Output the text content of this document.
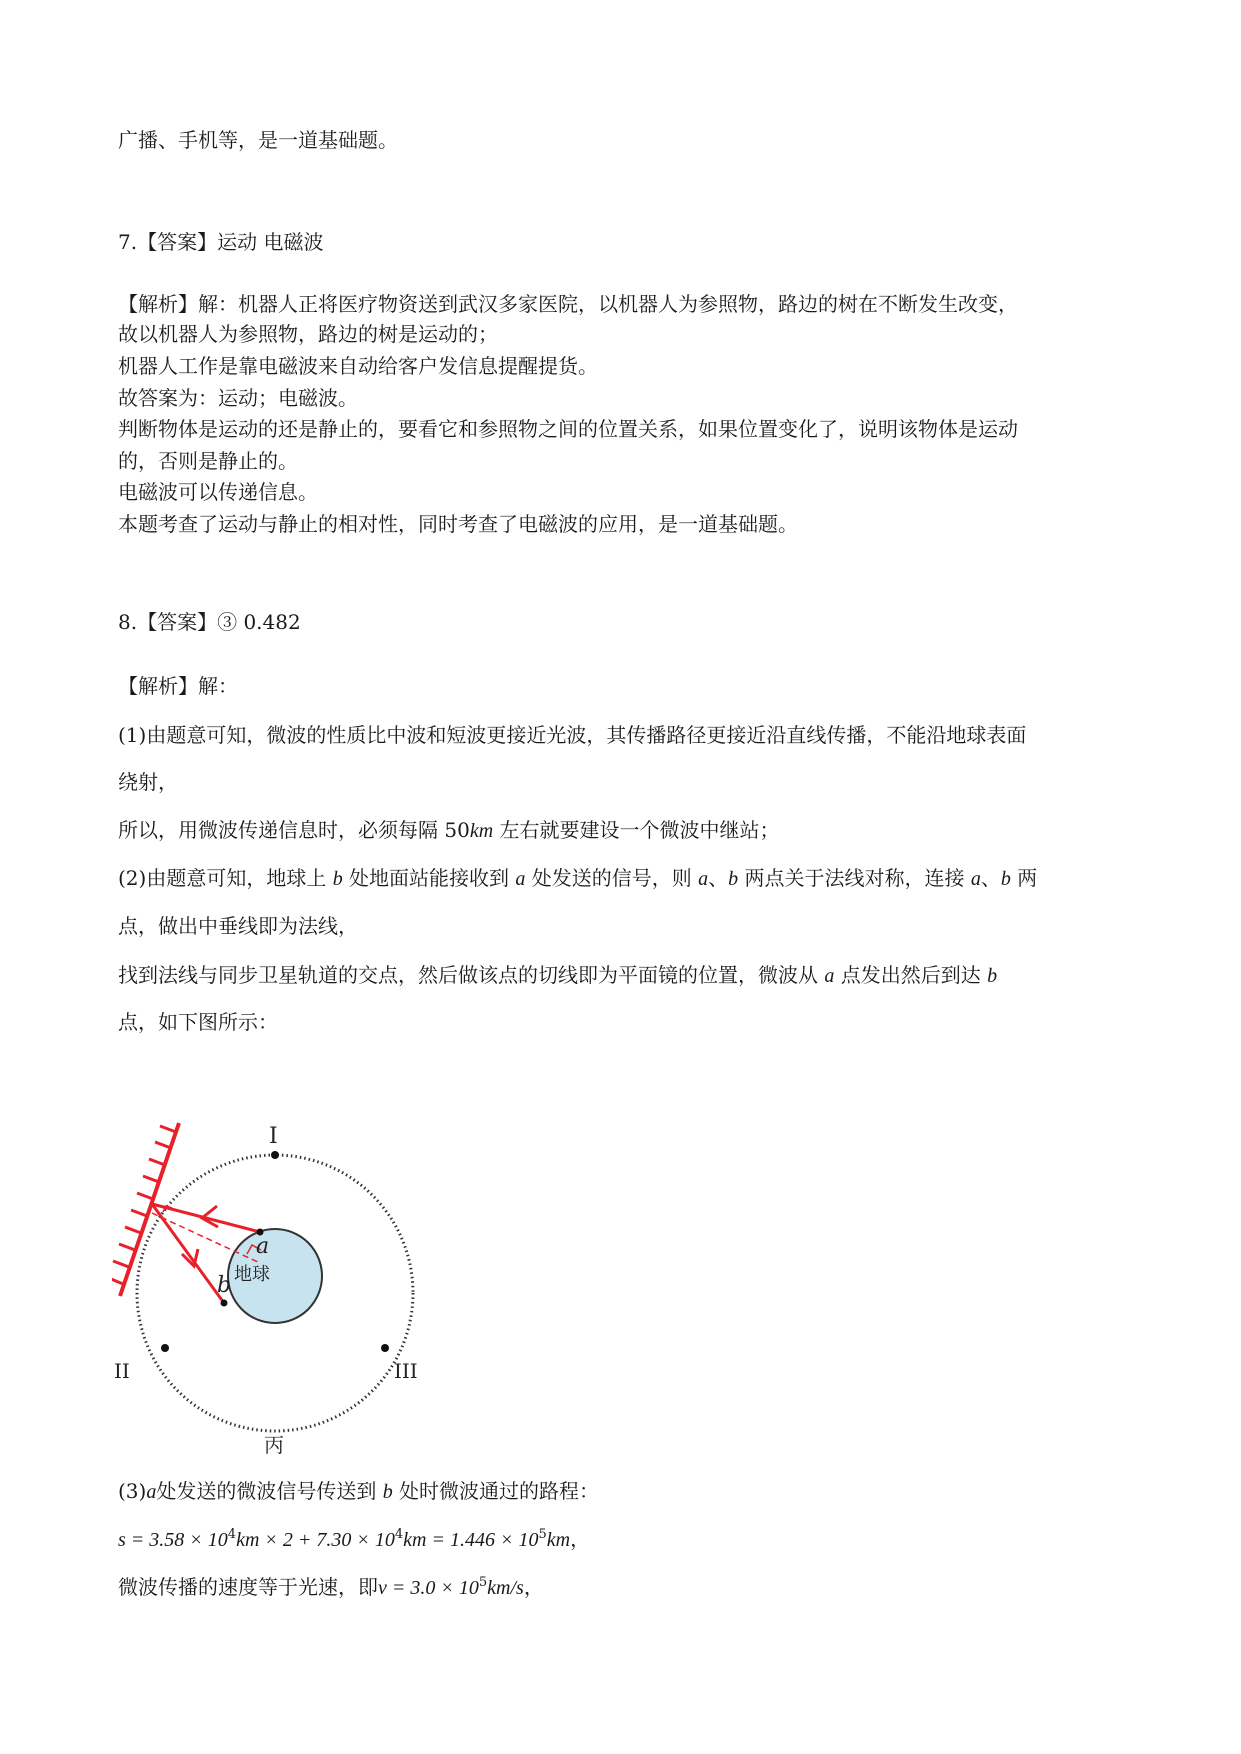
广播、手机等，是一道基础题。
7.【答案】运动 电磁波
【解析】解：机器人正将医疗物资送到武汉多家医院，以机器人为参照物，路边的树在不断发生改变，
故以机器人为参照物，路边的树是运动的；
机器人工作是靠电磁波来自动给客户发信息提醒提货。
故答案为：运动；电磁波。
判断物体是运动的还是静止的，要看它和参照物之间的位置关系，如果位置变化了，说明该物体是运动
的，否则是静止的。
电磁波可以传递信息。
本题考查了运动与静止的相对性，同时考查了电磁波的应用，是一道基础题。
8.【答案】③ 0.482
【解析】解：
(1)由题意可知，微波的性质比中波和短波更接近光波，其传播路径更接近沿直线传播，不能沿地球表面
绕射，
所以，用微波传递信息时，必须每隔 50km 左右就要建设一个微波中继站；
(2)由题意可知，地球上 b 处地面站能接收到 a 处发送的信号，则 a、b 两点关于法线对称，连接 a、b 两
点，做出中垂线即为法线，
找到法线与同步卫星轨道的交点，然后做该点的切线即为平面镜的位置，微波从 a 点发出然后到达 b
点，如下图所示：
I
II	III
a
b 地球
丙
(3)a处发送的微波信号传送到 b 处时微波通过的路程：
$s = 3.58 \times 10^4km \times 2 + 7.30 \times 10^4km = 1.446 \times 10^5km$，
微波传播的速度等于光速，即$v = 3.0 \times 10^5km/s$，
